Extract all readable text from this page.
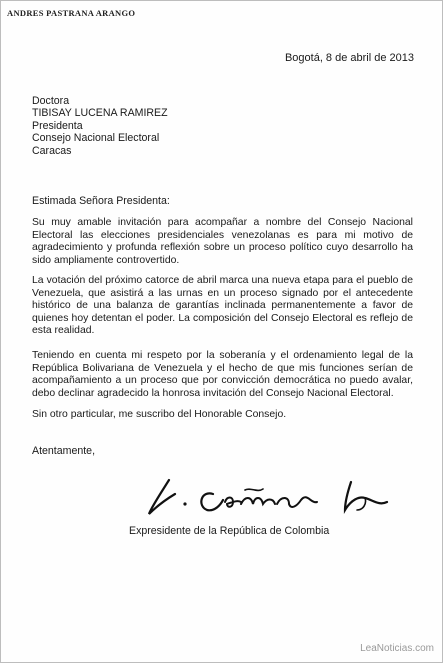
ANDRES PASTRANA ARANGO
Bogotá, 8 de abril de 2013
Doctora
TIBISAY LUCENA RAMIREZ
Presidenta
Consejo Nacional Electoral
Caracas
Estimada Señora Presidenta:
Su muy amable invitación para acompañar a nombre del Consejo Nacional Electoral las elecciones presidenciales venezolanas es para mi motivo de agradecimiento y profunda reflexión sobre un proceso político cuyo desarrollo ha sido ampliamente controvertido.
La votación del próximo catorce de abril marca una nueva etapa para el pueblo de Venezuela, que asistirá a las urnas en un proceso signado por el antecedente histórico de una balanza de garantías inclinada permanentemente a favor de quienes hoy detentan el poder. La composición del Consejo Electoral es reflejo de esta realidad.
Teniendo en cuenta mi respeto por la soberanía y el ordenamiento legal de la República Bolivariana de Venezuela y el hecho de que mis funciones serían de acompañamiento a un proceso que por convicción democrática no puedo avalar, debo declinar agradecido la honrosa invitación del Consejo Nacional Electoral.
Sin otro particular, me suscribo del Honorable Consejo.
Atentamente,
Expresidente de la República de Colombia
LeaNoticias.com
